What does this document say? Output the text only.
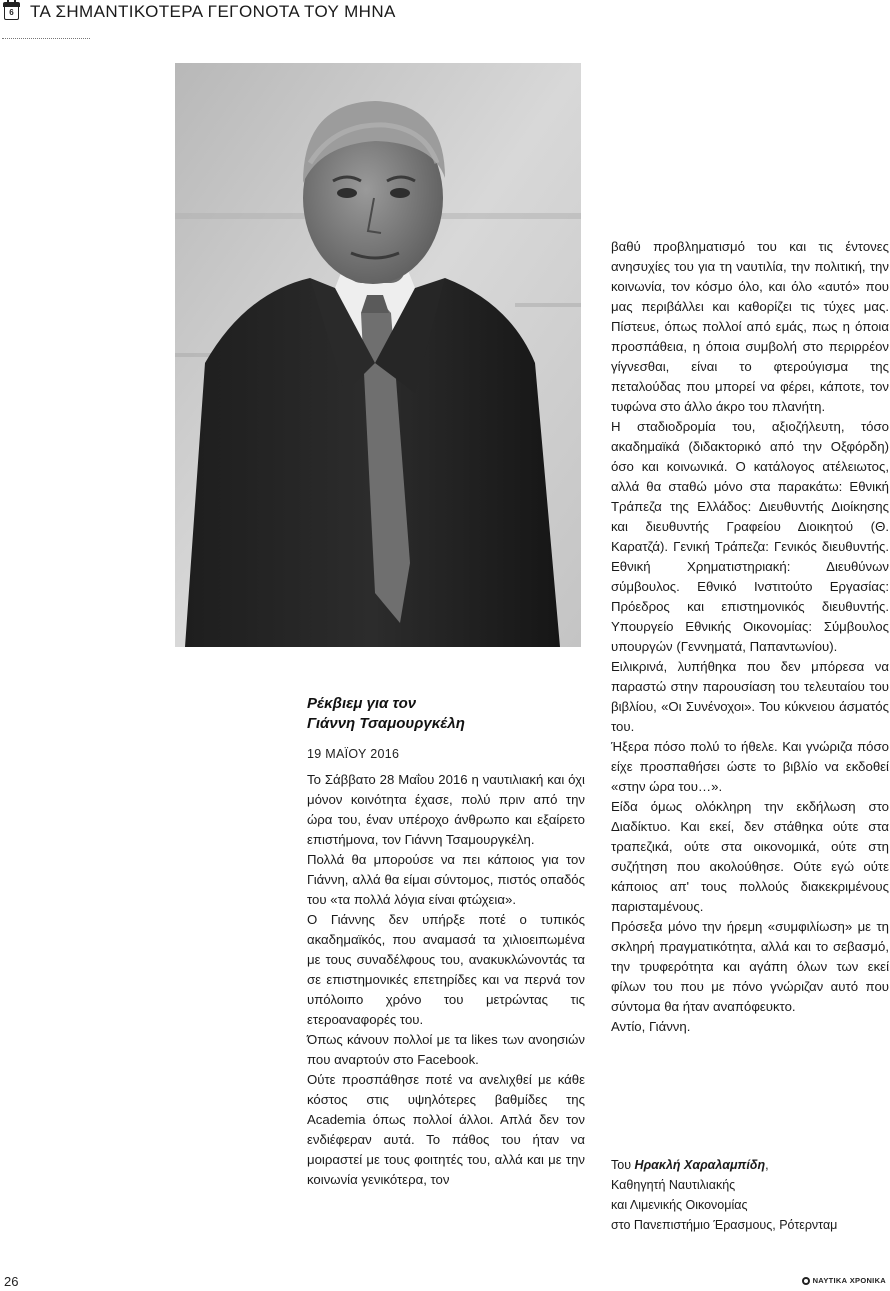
6 ΤΑ ΣΗΜΑΝΤΙΚΟΤΕΡΑ ΓΕΓΟΝΟΤΑ ΤΟΥ ΜΗΝΑ
Ρέκβιεμ για τον
Γιάννη Τσαμουργκέλη
19 ΜΑΪΟΥ 2016

Το Σάββατο 28 Μαΐου 2016 η ναυτιλιακή και όχι μόνον κοινότητα έχασε, πολύ πριν από την ώρα του, έναν υπέροχο άνθρωπο και εξαίρετο επιστήμονα, τον Γιάννη Τσαμουργκέλη.

Πολλά θα μπορούσε να πει κάποιος για τον Γιάννη, αλλά θα είμαι σύντομος, πιστός οπαδός του «τα πολλά λόγια είναι φτώχεια».

Ο Γιάννης δεν υπήρξε ποτέ ο τυπικός ακαδημαϊκός, που αναμασά τα χιλιοειπωμένα με τους συναδέλφους του, ανακυκλώνοντάς τα σε επιστημονικές επετηρίδες και να περνά τον υπόλοιπο χρόνο του μετρώντας τις ετεροαναφορές του.

Όπως κάνουν πολλοί με τα likes των ανοησιών που αναρτούν στο Facebook.

Ούτε προσπάθησε ποτέ να ανελιχθεί με κάθε κόστος στις υψηλότερες βαθμίδες της Academia όπως πολλοί άλλοι. Απλά δεν τον ενδιέφεραν αυτά. Το πάθος του ήταν να μοιραστεί με τους φοιτητές του, αλλά και με την κοινωνία γενικότερα, τον

βαθύ προβληματισμό του και τις έντονες ανησυχίες του για τη ναυτιλία, την πολιτική, την κοινωνία, τον κόσμο όλο, και όλο «αυτό» που μας περιβάλλει και καθορίζει τις τύχες μας. Πίστευε, όπως πολλοί από εμάς, πως η όποια προσπάθεια, η όποια συμβολή στο περιρρέον γίγνεσθαι, είναι το φτερούγισμα της πεταλούδας που μπορεί να φέρει, κάποτε, τον τυφώνα στο άλλο άκρο του πλανήτη.

Η σταδιοδρομία του, αξιοζήλευτη, τόσο ακαδημαϊκά (διδακτορικό από την Οξφόρδη) όσο και κοινωνικά. Ο κατάλογος ατέλειωτος, αλλά θα σταθώ μόνο στα παρακάτω: Εθνική Τράπεζα της Ελλάδος: Διευθυντής Διοίκησης και διευθυντής Γραφείου Διοικητού (Θ. Καρατζά). Γενική Τράπεζα: Γενικός διευθυντής. Εθνική Χρηματιστηριακή: Διευθύνων σύμβουλος. Εθνικό Ινστιτούτο Εργασίας: Πρόεδρος και επιστημονικός διευθυντής. Υπουργείο Εθνικής Οικονομίας: Σύμβουλος υπουργών (Γεννηματά, Παπαντωνίου).

Ειλικρινά, λυπήθηκα που δεν μπόρεσα να παραστώ στην παρουσίαση του τελευταίου του βιβλίου, «Οι Συνένοχοι». Του κύκνειου άσματός του.

Ήξερα πόσο πολύ το ήθελε. Και γνώριζα πόσο είχε προσπαθήσει ώστε το βιβλίο να εκδοθεί «στην ώρα του…».

Είδα όμως ολόκληρη την εκδήλωση στο Διαδίκτυο. Και εκεί, δεν στάθηκα ούτε στα τραπεζικά, ούτε στα οικονομικά, ούτε στη συζήτηση που ακολούθησε. Ούτε εγώ ούτε κάποιος απ' τους πολλούς διακεκριμένους παρισταμένους.

Πρόσεξα μόνο την ήρεμη «συμφιλίωση» με τη σκληρή πραγματικότητα, αλλά και το σεβασμό, την τρυφερότητα και αγάπη όλων των εκεί φίλων του που με πόνο γνώριζαν αυτό που σύντομα θα ήταν αναπόφευκτο.

Αντίο, Γιάννη.

Του Ηρακλή Χαραλαμπίδη,
Καθηγητή Ναυτιλιακής
και Λιμενικής Οικονομίας
στο Πανεπιστήμιο Έρασμους, Ρότερνταμ
26	ΝΑΥΤΙΚΑ ΧΡΟΝΙΚΑ
